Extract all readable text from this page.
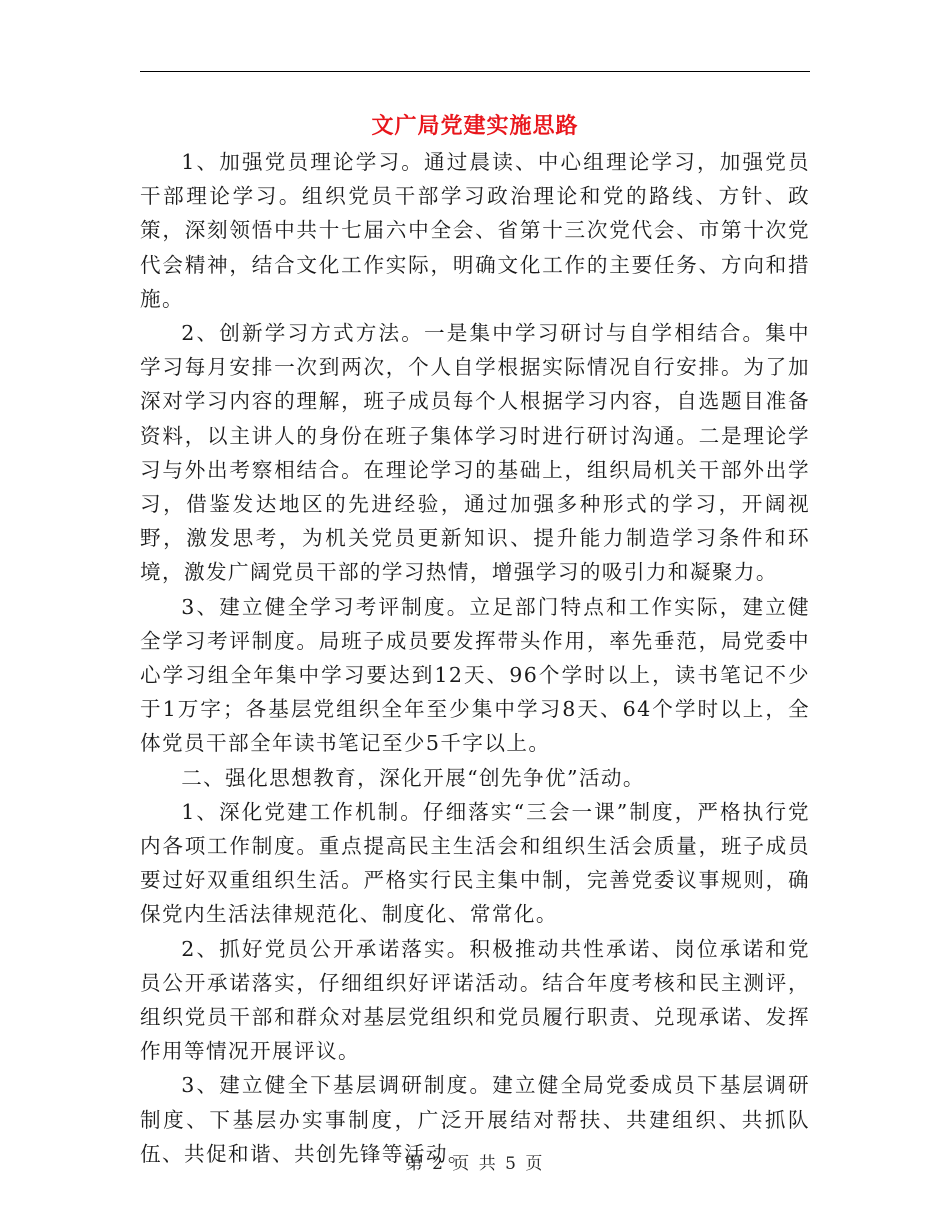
文广局党建实施思路

1、加强党员理论学习。通过晨读、中心组理论学习，加强党员干部理论学习。组织党员干部学习政治理论和党的路线、方针、政策，深刻领悟中共十七届六中全会、省第十三次党代会、市第十次党代会精神，结合文化工作实际，明确文化工作的主要任务、方向和措施。

2、创新学习方式方法。一是集中学习研讨与自学相结合。集中学习每月安排一次到两次，个人自学根据实际情况自行安排。为了加深对学习内容的理解，班子成员每个人根据学习内容，自选题目准备资料，以主讲人的身份在班子集体学习时进行研讨沟通。二是理论学习与外出考察相结合。在理论学习的基础上，组织局机关干部外出学习，借鉴发达地区的先进经验，通过加强多种形式的学习，开阔视野，激发思考，为机关党员更新知识、提升能力制造学习条件和环境，激发广阔党员干部的学习热情，增强学习的吸引力和凝聚力。

3、建立健全学习考评制度。立足部门特点和工作实际，建立健全学习考评制度。局班子成员要发挥带头作用，率先垂范，局党委中心学习组全年集中学习要达到12天、96个学时以上，读书笔记不少于1万字；各基层党组织全年至少集中学习8天、64个学时以上，全体党员干部全年读书笔记至少5千字以上。

二、强化思想教育，深化开展“创先争优”活动。

1、深化党建工作机制。仔细落实“三会一课”制度，严格执行党内各项工作制度。重点提高民主生活会和组织生活会质量，班子成员要过好双重组织生活。严格实行民主集中制，完善党委议事规则，确保党内生活法律规范化、制度化、常常化。

2、抓好党员公开承诺落实。积极推动共性承诺、岗位承诺和党员公开承诺落实，仔细组织好评诺活动。结合年度考核和民主测评，组织党员干部和群众对基层党组织和党员履行职责、兑现承诺、发挥作用等情况开展评议。

3、建立健全下基层调研制度。建立健全局党委成员下基层调研制度、下基层办实事制度，广泛开展结对帮扶、共建组织、共抓队伍、共促和谐、共创先锋等活动。

第 2 页 共 5 页
